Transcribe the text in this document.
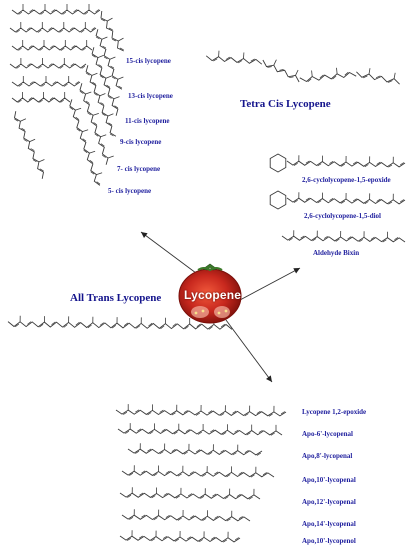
Lycopene
Tetra Cis Lycopene
All Trans Lycopene
15-cis lycopene
13-cis lycopene
11-cis lycopene
9-cis lycopene
7- cis lycopene
5- cis lycopene
2,6-cyclolycopene-1,5-epoxide
2,6-cyclolycopene-1,5-diol
Aldehyde Bixin
Lycopene 1,2-epoxide
Apo-6'-lycopenal
Apo,8'-lycopenal
Apo,10'-lycopenal
Apo,12'-lycopenal
Apo,14'-lycopenal
Apo,10'-lycopenol
